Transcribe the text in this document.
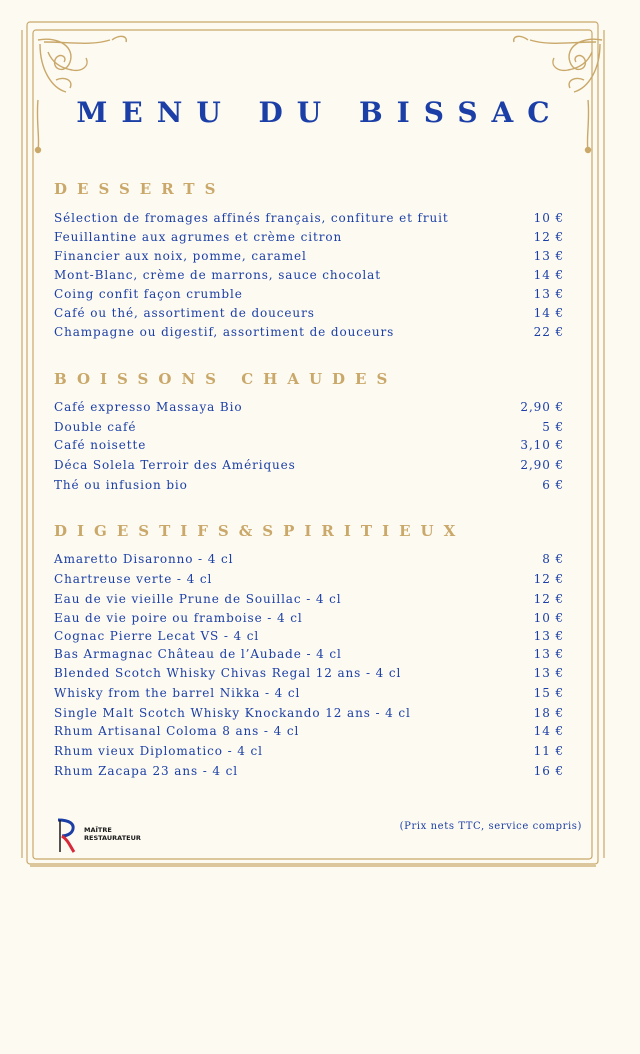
MENU DU BISSAC
DESSERTS
Sélection de fromages affinés français, confiture et fruit	10 €
Feuillantine aux agrumes et crème citron	12 €
Financier aux noix, pomme, caramel	13 €
Mont-Blanc, crème de marrons, sauce chocolat	14 €
Coing confit façon crumble	13 €
Café ou thé, assortiment de douceurs	14 €
Champagne ou digestif, assortiment de douceurs	22 €
BOISSONS CHAUDES
Café expresso Massaya Bio	2,90 €
Double café	5 €
Café noisette	3,10 €
Déca Solela Terroir des Amériques	2,90 €
Thé ou infusion bio	6 €
DIGESTIFS&SPIRITIEUX
Amaretto Disaronno - 4 cl	8 €
Chartreuse verte - 4 cl	12 €
Eau de vie vieille Prune de Souillac - 4 cl	12 €
Eau de vie poire ou framboise - 4 cl	10 €
Cognac Pierre Lecat VS - 4 cl	13 €
Bas Armagnac Château de l’Aubade - 4 cl	13 €
Blended Scotch Whisky Chivas Regal 12 ans - 4 cl	13 €
Whisky from the barrel Nikka - 4 cl	15 €
Single Malt Scotch Whisky Knockando 12 ans - 4 cl	18 €
Rhum Artisanal Coloma 8 ans - 4 cl	14 €
Rhum vieux Diplomatico - 4 cl	11 €
Rhum Zacapa 23 ans - 4 cl	16 €
MAÎTRE
RESTAURATEUR
(Prix nets TTC, service compris)
